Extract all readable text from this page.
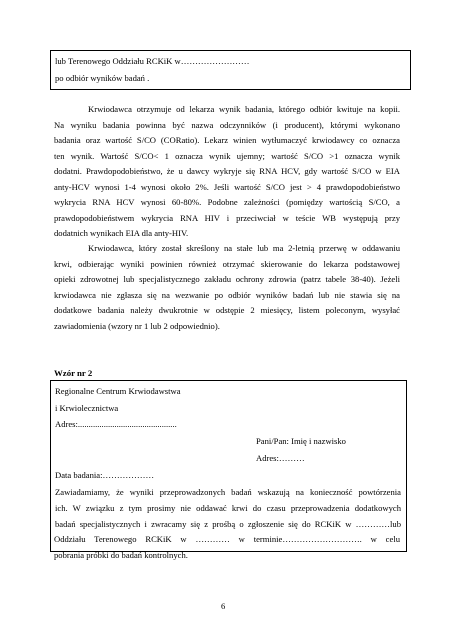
lub Terenowego Oddziału RCKiK w……………………
po odbiór wyników badań .
Krwiodawca otrzymuje od lekarza wynik badania, którego odbiór kwituje na kopii.
Na wyniku badania powinna być nazwa odczynników (i producent), którymi wykonano
badania oraz wartość S/CO (CORatio). Lekarz winien wytłumaczyć krwiodawcy co oznacza
ten wynik. Wartość S/CO< 1 oznacza wynik ujemny; wartość S/CO >1 oznacza wynik
dodatni. Prawdopodobieństwo, że u dawcy wykryje się RNA HCV, gdy wartość S/CO w EIA
anty-HCV wynosi 1-4 wynosi około 2%. Jeśli wartość S/CO jest > 4 prawdopodobieństwo
wykrycia RNA HCV wynosi 60-80%. Podobne zależności (pomiędzy wartością S/CO, a
prawdopodobieństwem wykrycia RNA HIV i przeciwciał w teście WB występują przy
dodatnich wynikach EIA dla anty-HIV.
Krwiodawca, który został skreślony na stałe lub ma 2-letnią przerwę w oddawaniu
krwi, odbierając wyniki powinien również otrzymać skierowanie do lekarza podstawowej
opieki zdrowotnej lub specjalistycznego zakładu ochrony zdrowia (patrz tabele 38-40). Jeżeli
krwiodawca nie zgłasza się na wezwanie po odbiór wyników badań lub nie stawia się na
dodatkowe badania należy dwukrotnie w odstępie 2 miesięcy, listem poleconym, wysyłać
zawiadomienia (wzory nr 1 lub 2 odpowiednio).
Wzór nr 2
Regionalne Centrum Krwiodawstwa
i Krwiolecznictwa
Adres:..............................................
Pani/Pan: Imię i nazwisko
Adres:………
Data badania:………………
Zawiadamiamy, że wyniki przeprowadzonych badań wskazują na konieczność powtórzenia
ich. W związku z tym prosimy nie oddawać krwi do czasu przeprowadzenia dodatkowych
badań specjalistycznych i zwracamy się z prośbą o zgłoszenie się do RCKiK w …………lub
Oddziału Terenowego RCKiK w ………… w terminie………………………. w celu
pobrania próbki do badań kontrolnych.
6
